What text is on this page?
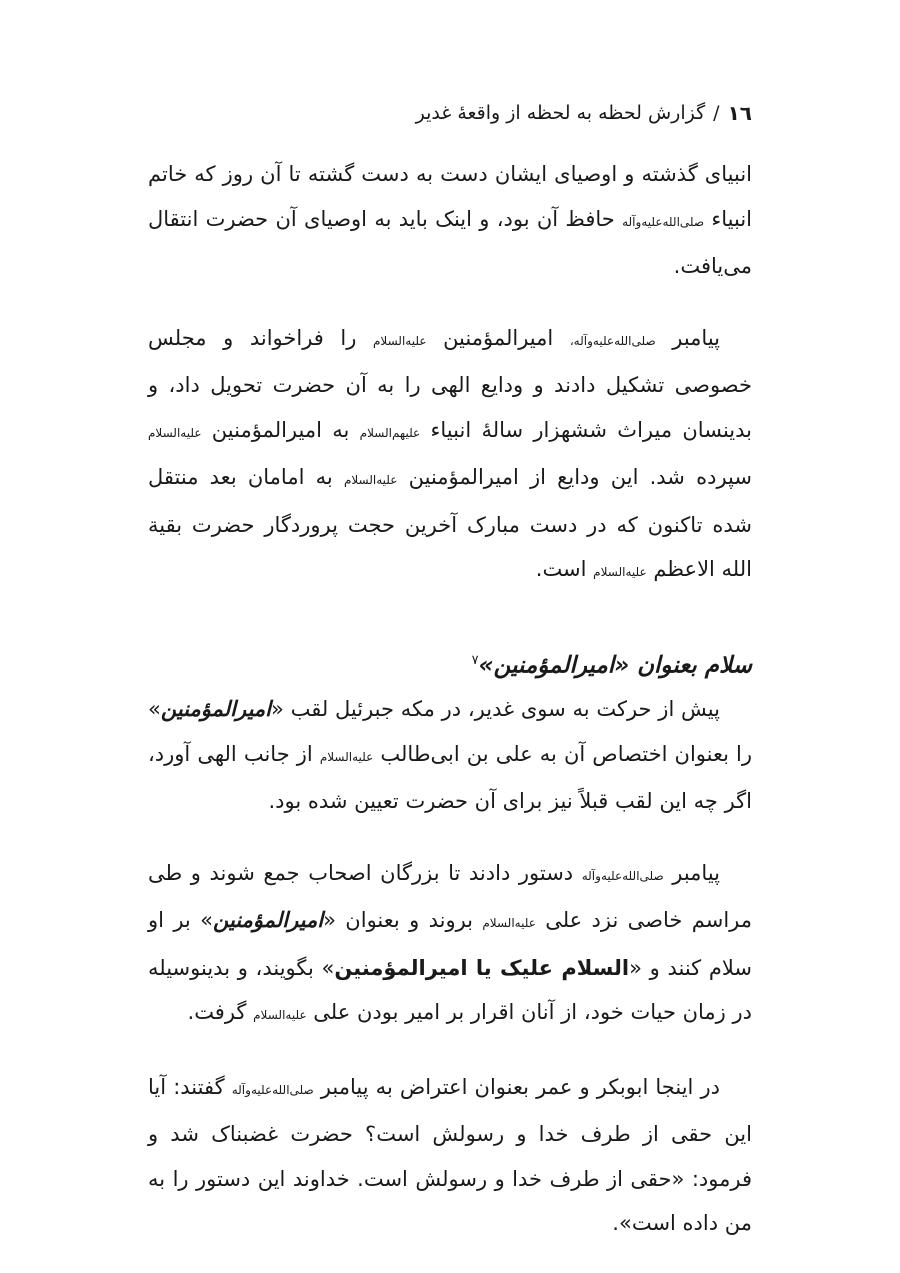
١٦
/
گزارش لحظه به لحظه از واقعهٔ غدیر

انبیای گذشته و اوصیای ایشان دست به دست گشته تا آن روز که خاتم انبیاء صلی‌الله‌علیه‌وآله حافظ آن بود، و اینک باید به اوصیای آن حضرت انتقال می‌یافت.

پیامبر صلی‌الله‌علیه‌وآله، امیرالمؤمنین علیه‌السلام را فراخواند و مجلس خصوصی تشکیل دادند و ودایع الهی را به آن حضرت تحویل داد، و بدینسان میراث ششهزار سالهٔ انبیاء علیهم‌السلام به امیرالمؤمنین علیه‌السلام سپرده شد. این ودایع از امیرالمؤمنین علیه‌السلام به امامان بعد منتقل شده تاکنون که در دست مبارک آخرین حجت پروردگار حضرت بقیة الله الاعظم علیه‌السلام است.

سلام بعنوان «امیرالمؤمنین»$^٧$

پیش از حرکت به سوی غدیر، در مکه جبرئیل لقب «امیرالمؤمنین» را بعنوان اختصاص آن به علی بن ابی‌طالب علیه‌السلام از جانب الهی آورد، اگر چه این لقب قبلاً نیز برای آن حضرت تعیین شده بود.

پیامبر صلی‌الله‌علیه‌وآله دستور دادند تا بزرگان اصحاب جمع شوند و طی مراسم خاصی نزد علی علیه‌السلام بروند و بعنوان «امیرالمؤمنین» بر او سلام کنند و «السلام علیک یا امیرالمؤمنین» بگویند، و بدینوسیله در زمان حیات خود، از آنان اقرار بر امیر بودن علی علیه‌السلام گرفت.

در اینجا ابوبکر و عمر بعنوان اعتراض به پیامبر صلی‌الله‌علیه‌وآله گفتند: آیا این حقی از طرف خدا و رسولش است؟ حضرت غضبناک شد و فرمود: «حقی از طرف خدا و رسولش است. خداوند این دستور را به من داده است».
